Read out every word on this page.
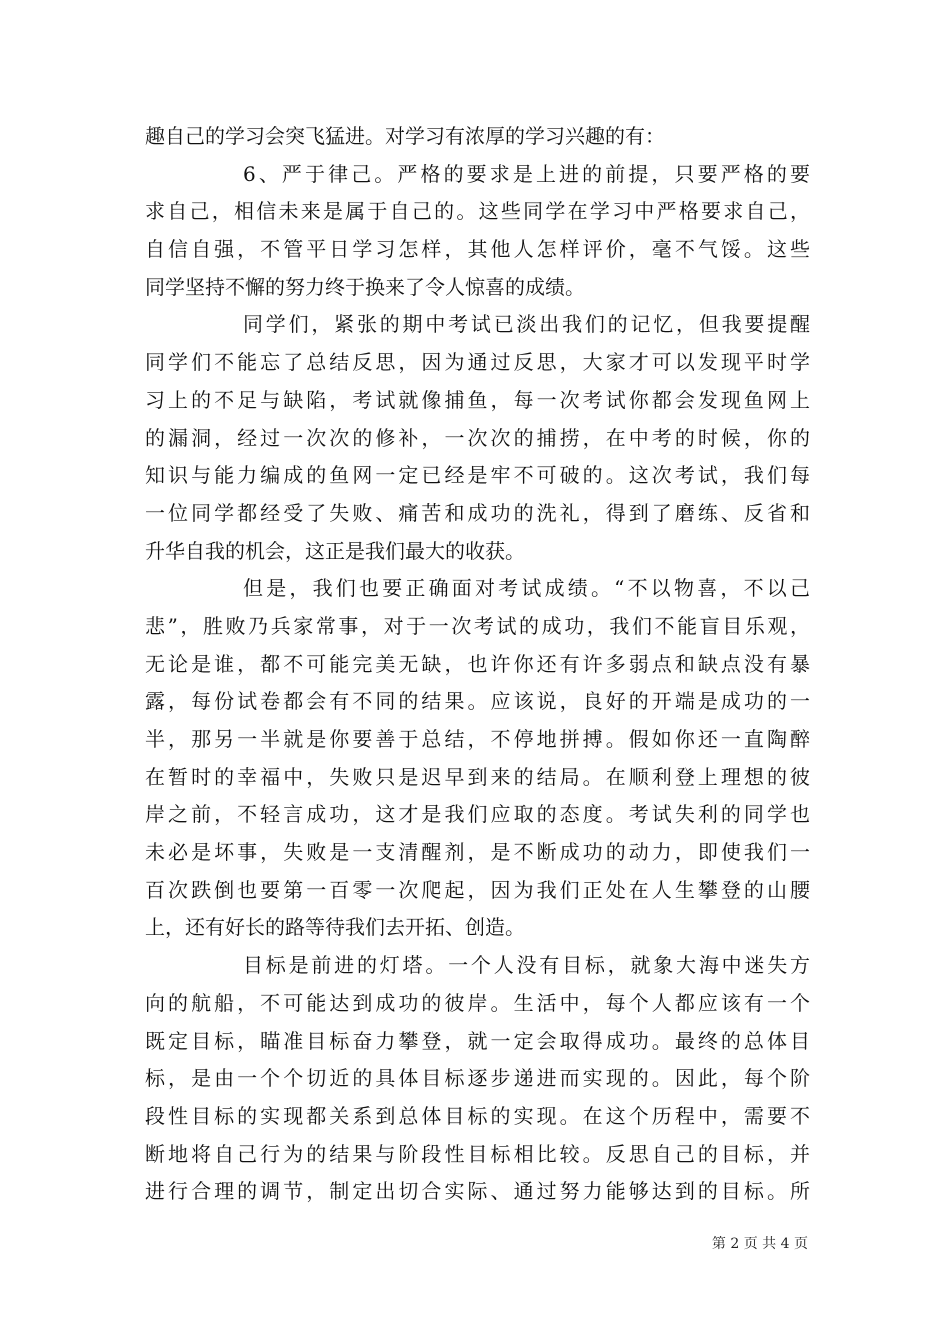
趣自己的学习会突飞猛进。对学习有浓厚的学习兴趣的有：
6、严于律己。严格的要求是上进的前提，只要严格的要
求自己，相信未来是属于自己的。这些同学在学习中严格要求自己，
自信自强，不管平日学习怎样，其他人怎样评价，毫不气馁。这些
同学坚持不懈的努力终于换来了令人惊喜的成绩。
同学们，紧张的期中考试已淡出我们的记忆，但我要提醒
同学们不能忘了总结反思，因为通过反思，大家才可以发现平时学
习上的不足与缺陷，考试就像捕鱼，每一次考试你都会发现鱼网上
的漏洞，经过一次次的修补，一次次的捕捞，在中考的时候，你的
知识与能力编成的鱼网一定已经是牢不可破的。这次考试，我们每
一位同学都经受了失败、痛苦和成功的洗礼，得到了磨练、反省和
升华自我的机会，这正是我们最大的收获。
但是，我们也要正确面对考试成绩。“不以物喜，不以己
悲”，胜败乃兵家常事，对于一次考试的成功，我们不能盲目乐观，
无论是谁，都不可能完美无缺，也许你还有许多弱点和缺点没有暴
露，每份试卷都会有不同的结果。应该说，良好的开端是成功的一
半，那另一半就是你要善于总结，不停地拼搏。假如你还一直陶醉
在暂时的幸福中，失败只是迟早到来的结局。在顺利登上理想的彼
岸之前，不轻言成功，这才是我们应取的态度。考试失利的同学也
未必是坏事，失败是一支清醒剂，是不断成功的动力，即使我们一
百次跌倒也要第一百零一次爬起，因为我们正处在人生攀登的山腰
上，还有好长的路等待我们去开拓、创造。
目标是前进的灯塔。一个人没有目标，就象大海中迷失方
向的航船，不可能达到成功的彼岸。生活中，每个人都应该有一个
既定目标，瞄准目标奋力攀登，就一定会取得成功。最终的总体目
标，是由一个个切近的具体目标逐步递进而实现的。因此，每个阶
段性目标的实现都关系到总体目标的实现。在这个历程中，需要不
断地将自己行为的结果与阶段性目标相比较。反思自己的目标，并
进行合理的调节，制定出切合实际、通过努力能够达到的目标。所
第 2 页 共 4 页
